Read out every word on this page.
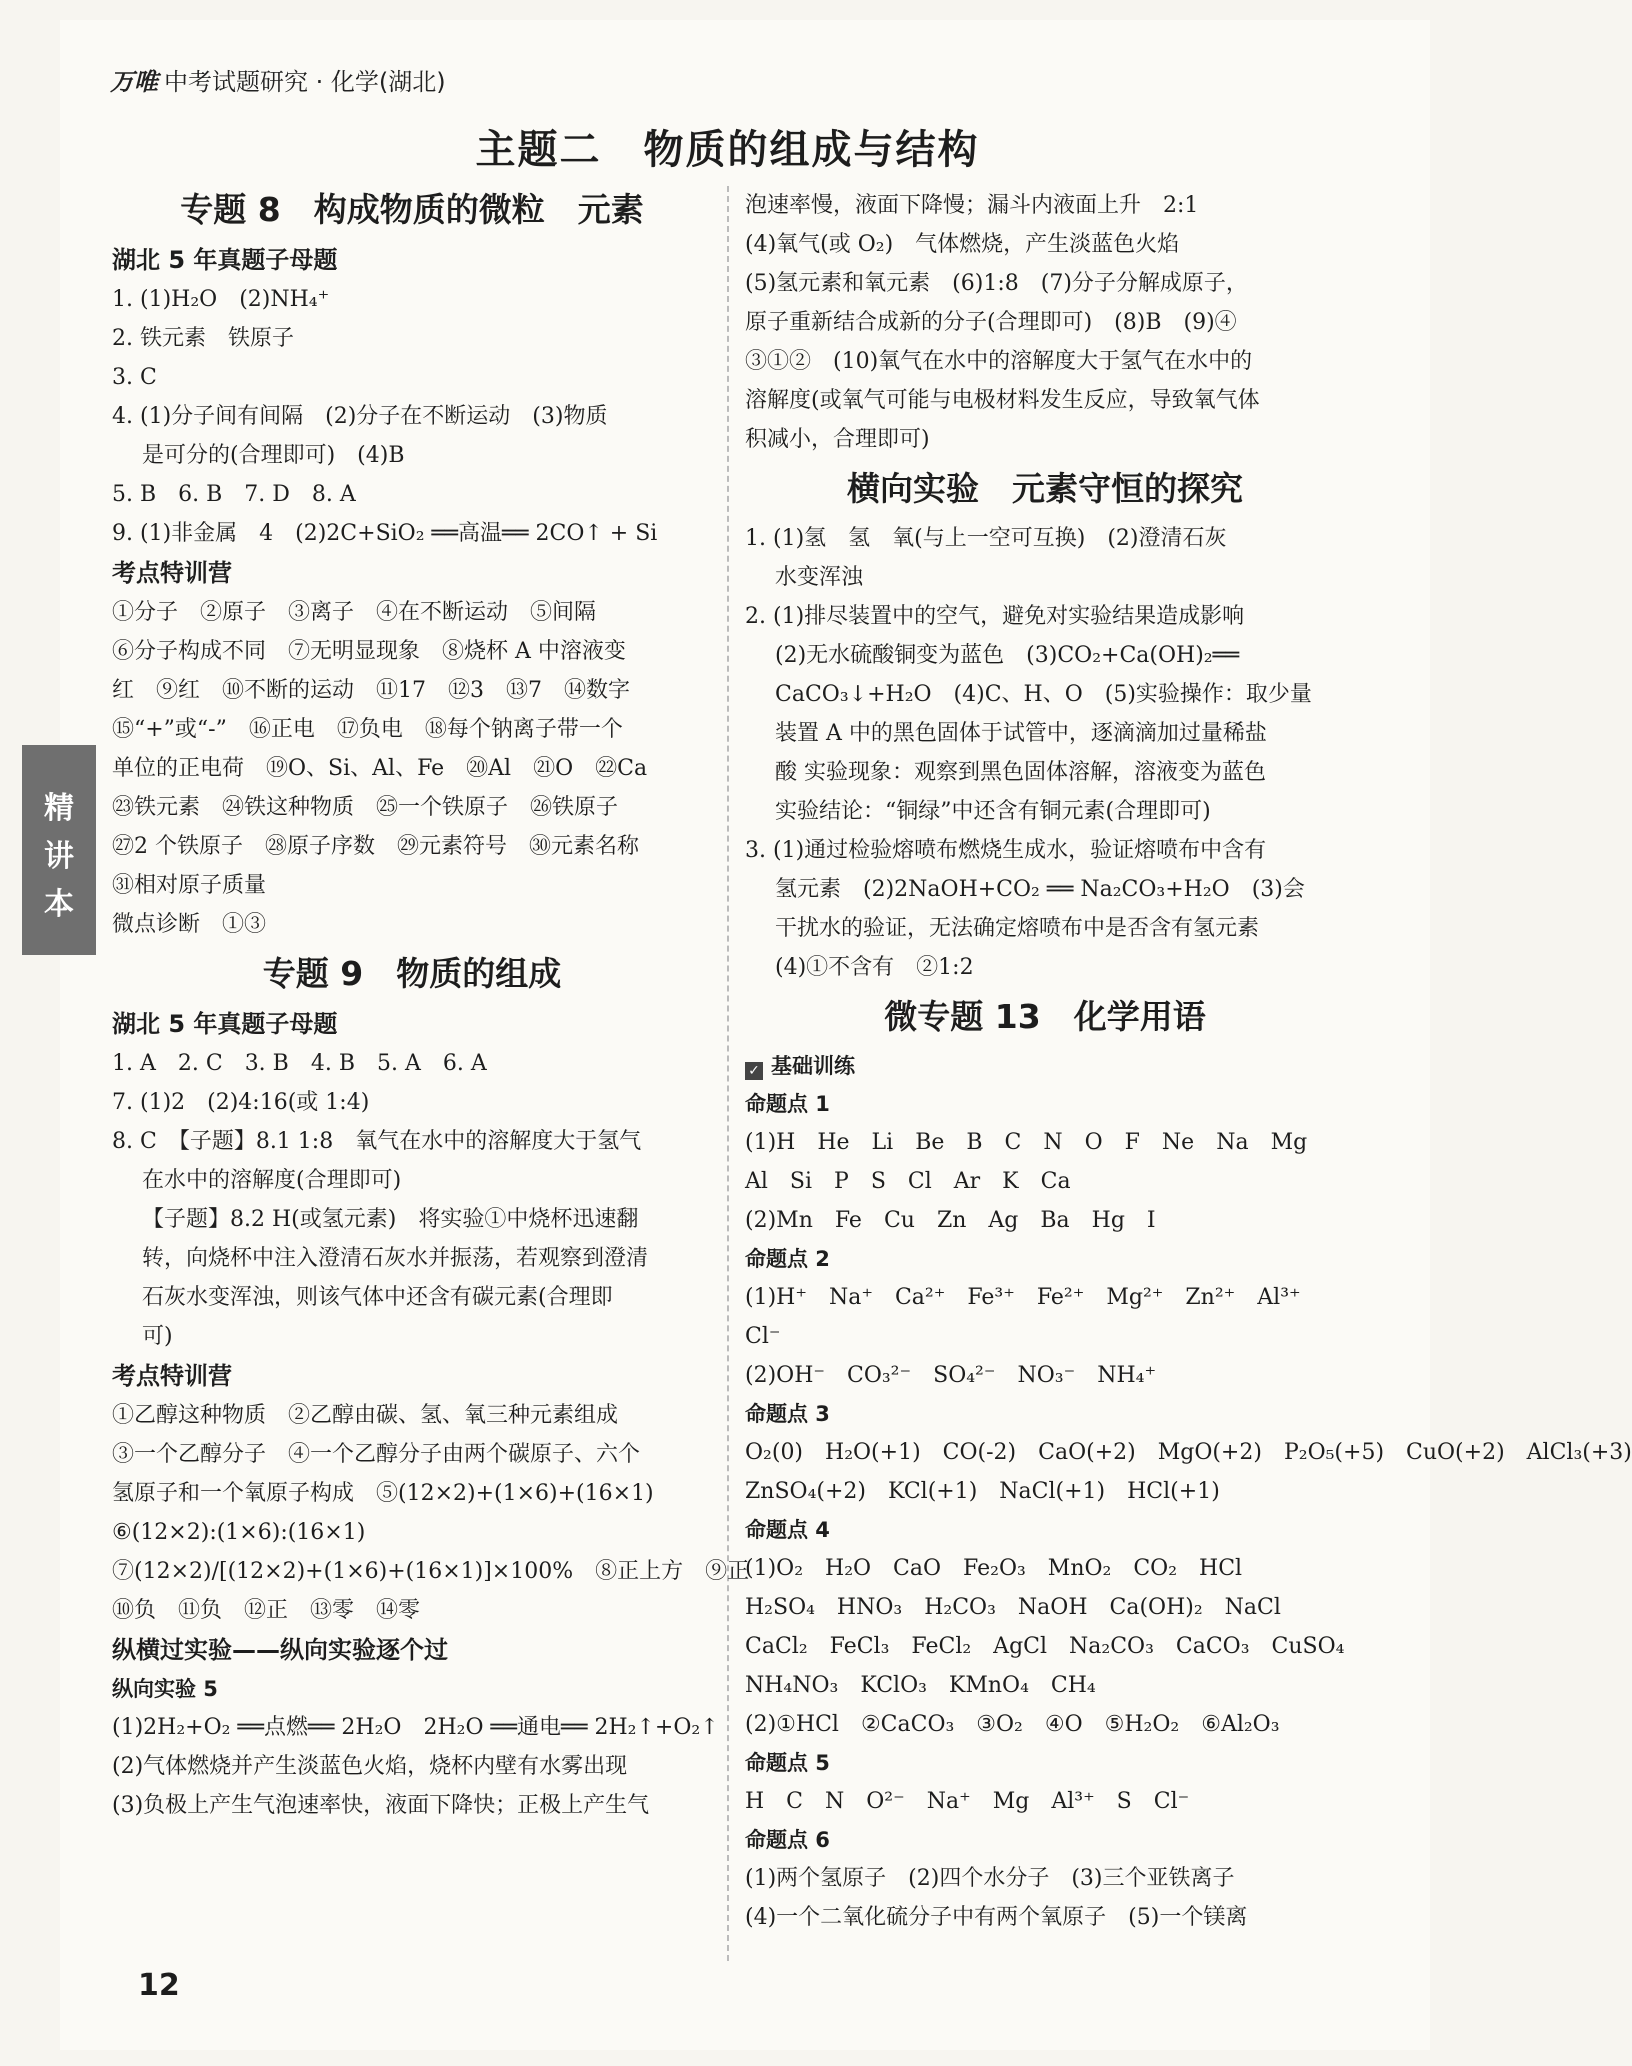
万唯 中考试题研究 · 化学(湖北)
主题二　物质的组成与结构
精
讲
本
专题 8　构成物质的微粒　元素
湖北 5 年真题子母题
1. (1)H₂O　(2)NH₄⁺
2. 铁元素　铁原子
3. C
4. (1)分子间有间隔　(2)分子在不断运动　(3)物质
是可分的(合理即可)　(4)B
5. B　6. B　7. D　8. A
9. (1)非金属　4　(2)2C+SiO₂ ══高温══ 2CO↑ + Si
考点特训营
①分子　②原子　③离子　④在不断运动　⑤间隔
⑥分子构成不同　⑦无明显现象　⑧烧杯 A 中溶液变
红　⑨红　⑩不断的运动　⑪17　⑫3　⑬7　⑭数字
⑮“+”或“-”　⑯正电　⑰负电　⑱每个钠离子带一个
单位的正电荷　⑲O、Si、Al、Fe　⑳Al　㉑O　㉒Ca
㉓铁元素　㉔铁这种物质　㉕一个铁原子　㉖铁原子
㉗2 个铁原子　㉘原子序数　㉙元素符号　㉚元素名称
㉛相对原子质量
微点诊断　①③
专题 9　物质的组成
湖北 5 年真题子母题
1. A　2. C　3. B　4. B　5. A　6. A
7. (1)2　(2)4:16(或 1:4)
8. C　【子题】8.1 1:8　氧气在水中的溶解度大于氢气
在水中的溶解度(合理即可)
【子题】8.2 H(或氢元素)　将实验①中烧杯迅速翻
转，向烧杯中注入澄清石灰水并振荡，若观察到澄清
石灰水变浑浊，则该气体中还含有碳元素(合理即
可)
考点特训营
①乙醇这种物质　②乙醇由碳、氢、氧三种元素组成
③一个乙醇分子　④一个乙醇分子由两个碳原子、六个
氢原子和一个氧原子构成　⑤(12×2)+(1×6)+(16×1)
⑥(12×2):(1×6):(16×1)
⑦(12×2)/[(12×2)+(1×6)+(16×1)]×100%　⑧正上方　⑨正
⑩负　⑪负　⑫正　⑬零　⑭零
纵横过实验——纵向实验逐个过
纵向实验 5
(1)2H₂+O₂ ══点燃══ 2H₂O　2H₂O ══通电══ 2H₂↑+O₂↑
(2)气体燃烧并产生淡蓝色火焰，烧杯内壁有水雾出现
(3)负极上产生气泡速率快，液面下降快；正极上产生气
泡速率慢，液面下降慢；漏斗内液面上升　2:1
(4)氧气(或 O₂)　气体燃烧，产生淡蓝色火焰
(5)氢元素和氧元素　(6)1:8　(7)分子分解成原子，
原子重新结合成新的分子(合理即可)　(8)B　(9)④
③①②　(10)氧气在水中的溶解度大于氢气在水中的
溶解度(或氧气可能与电极材料发生反应，导致氧气体
积减小，合理即可)
横向实验　元素守恒的探究
1. (1)氢　氢　氧(与上一空可互换)　(2)澄清石灰
水变浑浊
2. (1)排尽装置中的空气，避免对实验结果造成影响
(2)无水硫酸铜变为蓝色　(3)CO₂+Ca(OH)₂══
CaCO₃↓+H₂O　(4)C、H、O　(5)实验操作：取少量
装置 A 中的黑色固体于试管中，逐滴滴加过量稀盐
酸 实验现象：观察到黑色固体溶解，溶液变为蓝色
实验结论：“铜绿”中还含有铜元素(合理即可)
3. (1)通过检验熔喷布燃烧生成水，验证熔喷布中含有
氢元素　(2)2NaOH+CO₂ ══ Na₂CO₃+H₂O　(3)会
干扰水的验证，无法确定熔喷布中是否含有氢元素
(4)①不含有　②1:2
微专题 13　化学用语
✓ 基础训练
命题点 1
(1)H　He　Li　Be　B　C　N　O　F　Ne　Na　Mg
Al　Si　P　S　Cl　Ar　K　Ca
(2)Mn　Fe　Cu　Zn　Ag　Ba　Hg　I
命题点 2
(1)H⁺　Na⁺　Ca²⁺　Fe³⁺　Fe²⁺　Mg²⁺　Zn²⁺　Al³⁺
Cl⁻
(2)OH⁻　CO₃²⁻　SO₄²⁻　NO₃⁻　NH₄⁺
命题点 3
O₂(0)　H₂O(+1)　CO(-2)　CaO(+2)　MgO(+2)　P₂O₅(+5)　CuO(+2)　AlCl₃(+3)
ZnSO₄(+2)　KCl(+1)　NaCl(+1)　HCl(+1)
命题点 4
(1)O₂　H₂O　CaO　Fe₂O₃　MnO₂　CO₂　HCl
H₂SO₄　HNO₃　H₂CO₃　NaOH　Ca(OH)₂　NaCl
CaCl₂　FeCl₃　FeCl₂　AgCl　Na₂CO₃　CaCO₃　CuSO₄
NH₄NO₃　KClO₃　KMnO₄　CH₄
(2)①HCl　②CaCO₃　③O₂　④O　⑤H₂O₂　⑥Al₂O₃
命题点 5
H　C　N　O²⁻　Na⁺　Mg　Al³⁺　S　Cl⁻
命题点 6
(1)两个氢原子　(2)四个水分子　(3)三个亚铁离子
(4)一个二氧化硫分子中有两个氧原子　(5)一个镁离
12
